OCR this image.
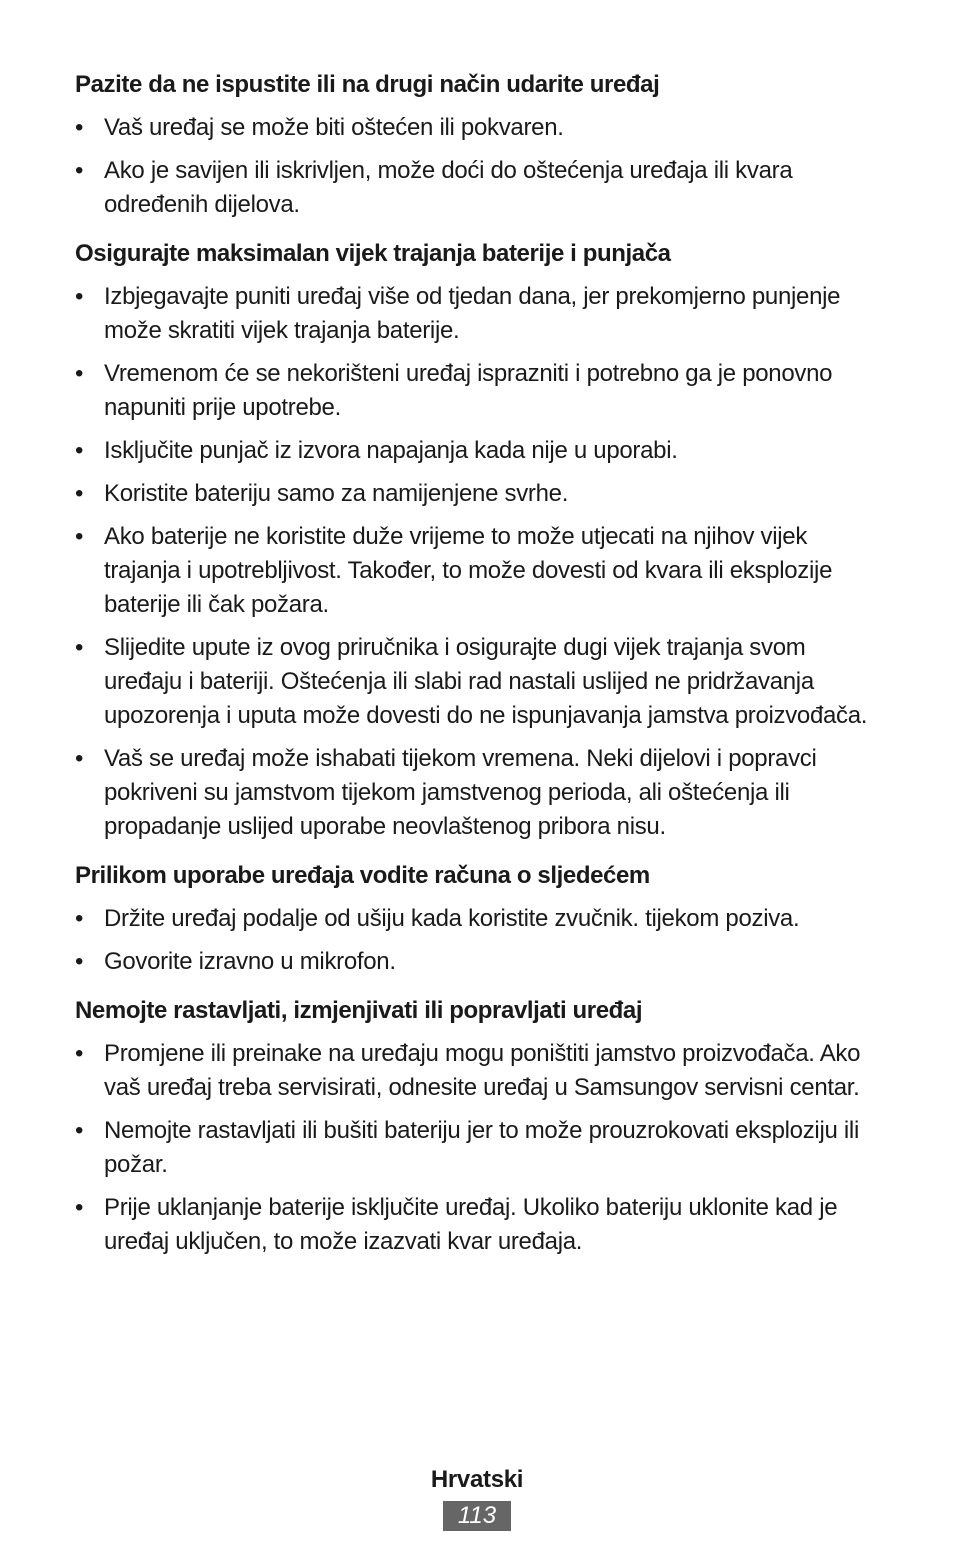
Pazite da ne ispustite ili na drugi način udarite uređaj
• Vaš uređaj se može biti oštećen ili pokvaren.
• Ako je savijen ili iskrivljen, može doći do oštećenja uređaja ili kvara određenih dijelova.
Osigurajte maksimalan vijek trajanja baterije i punjača
• Izbjegavajte puniti uređaj više od tjedan dana, jer prekomjerno punjenje može skratiti vijek trajanja baterije.
• Vremenom će se nekorišteni uređaj isprazniti i potrebno ga je ponovno napuniti prije upotrebe.
• Isključite punjač iz izvora napajanja kada nije u uporabi.
• Koristite bateriju samo za namijenjene svrhe.
• Ako baterije ne koristite duže vrijeme to može utjecati na njihov vijek trajanja i upotrebljivost. Također, to može dovesti od kvara ili eksplozije baterije ili čak požara.
• Slijedite upute iz ovog priručnika i osigurajte dugi vijek trajanja svom uređaju i bateriji. Oštećenja ili slabi rad nastali uslijed ne pridržavanja upozorenja i uputa može dovesti do ne ispunjavanja jamstva proizvođača.
• Vaš se uređaj može ishabati tijekom vremena. Neki dijelovi i popravci pokriveni su jamstvom tijekom jamstvenog perioda, ali oštećenja ili propadanje uslijed uporabe neovlaštenog pribora nisu.
Prilikom uporabe uređaja vodite računa o sljedećem
• Držite uređaj podalje od ušiju kada koristite zvučnik. tijekom poziva.
• Govorite izravno u mikrofon.
Nemojte rastavljati, izmjenjivati ili popravljati uređaj
• Promjene ili preinake na uređaju mogu poništiti jamstvo proizvođača. Ako vaš uređaj treba servisirati, odnesite uređaj u Samsungov servisni centar.
• Nemojte rastavljati ili bušiti bateriju jer to može prouzrokovati eksploziju ili požar.
• Prije uklanjanje baterije isključite uređaj. Ukoliko bateriju uklonite kad je uređaj uključen, to može izazvati kvar uređaja.
Hrvatski
113
